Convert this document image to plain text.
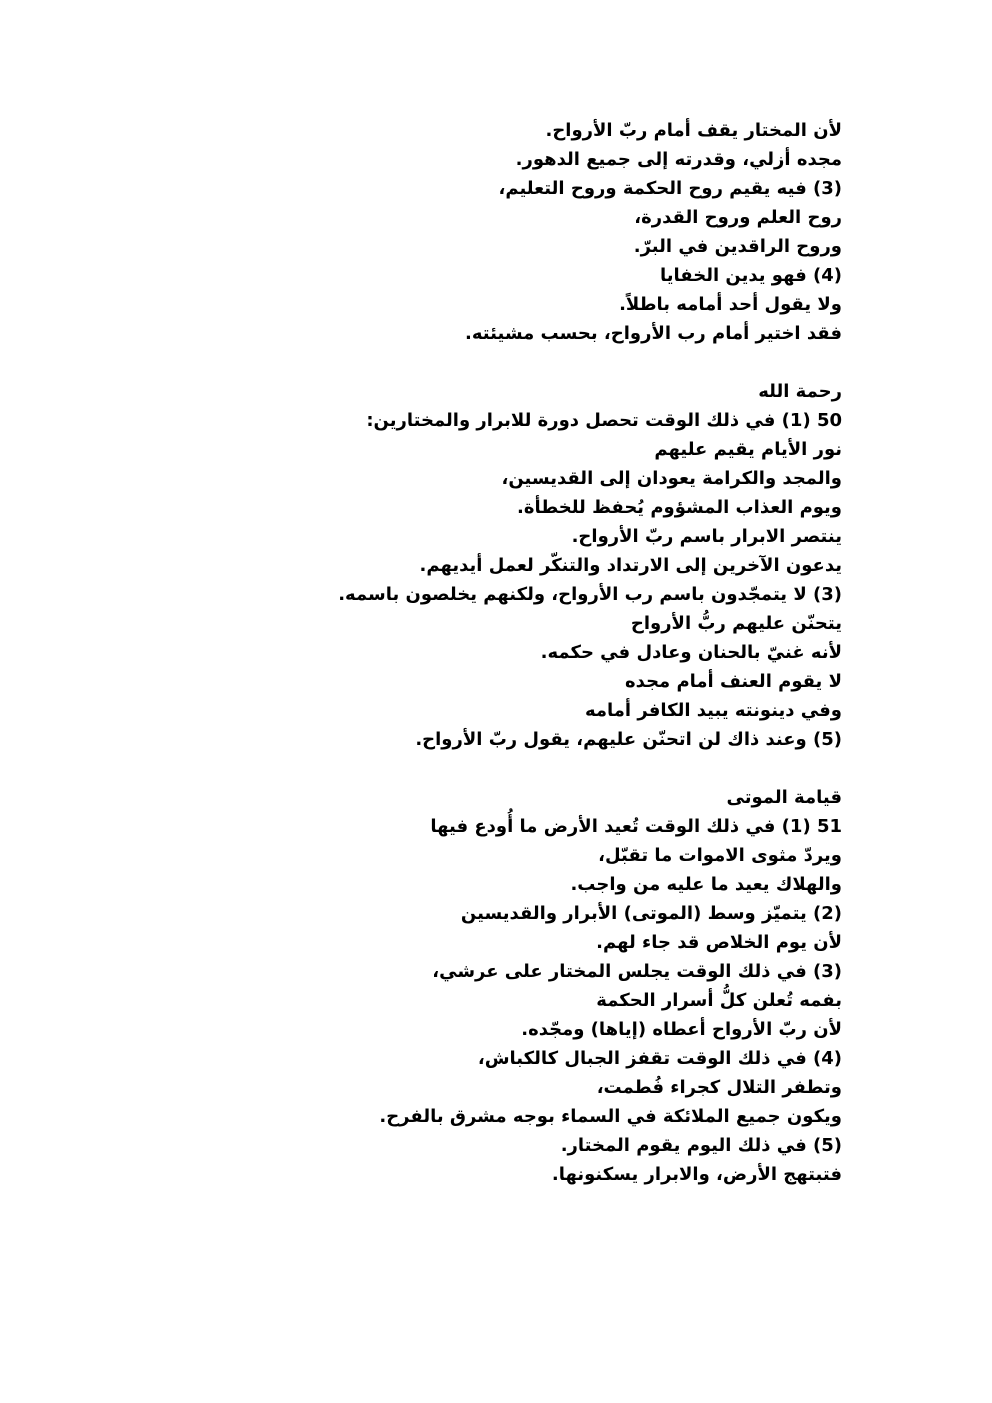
لأن المختار يقف أمام ربّ الأرواح.
مجده أزلي، وقدرته إلى جميع الدهور.
(3) فيه يقيم روح الحكمة وروح التعليم،
روح العلم وروح القدرة،
وروح الراقدين في البرّ.
(4) فهو يدين الخفايا
ولا يقول أحد أمامه باطلاً.
فقد اختير أمام رب الأرواح، بحسب مشيئته.
رحمة الله
50 (1) في ذلك الوقت تحصل دورة للابرار والمختارين:
نور الأيام يقيم عليهم
والمجد والكرامة يعودان إلى القديسين،
ويوم العذاب المشؤوم يُحفظ للخطأة.
ينتصر الابرار باسم ربّ الأرواح.
يدعون الآخرين إلى الارتداد والتنكّر لعمل أيديهم.
(3) لا يتمجّدون باسم رب الأرواح، ولكنهم يخلصون باسمه.
يتحنّن عليهم ربُّ الأرواح
لأنه غنيّ بالحنان وعادل في حكمه.
لا يقوم العنف أمام مجده
وفي دينونته يبيد الكافر أمامه
(5) وعند ذاك لن اتحنّن عليهم، يقول ربّ الأرواح.
قيامة الموتى
51 (1) في ذلك الوقت تُعيد الأرض ما أُودع فيها
ويردّ مثوى الاموات ما تقبّل،
والهلاك يعيد ما عليه من واجب.
(2) يتميّز وسط (الموتى) الأبرار والقديسين
لأن يوم الخلاص قد جاء لهم.
(3) في ذلك الوقت يجلس المختار على عرشي،
بفمه تُعلن كلُّ أسرار الحكمة
لأن ربّ الأرواح أعطاه (إياها) ومجّده.
(4) في ذلك الوقت تقفز الجبال كالكباش،
وتطفر التلال كجراء فُطمت،
ويكون جميع الملائكة في السماء بوجه مشرق بالفرح.
(5) في ذلك اليوم يقوم المختار.
فتبتهج الأرض، والابرار يسكنونها.
